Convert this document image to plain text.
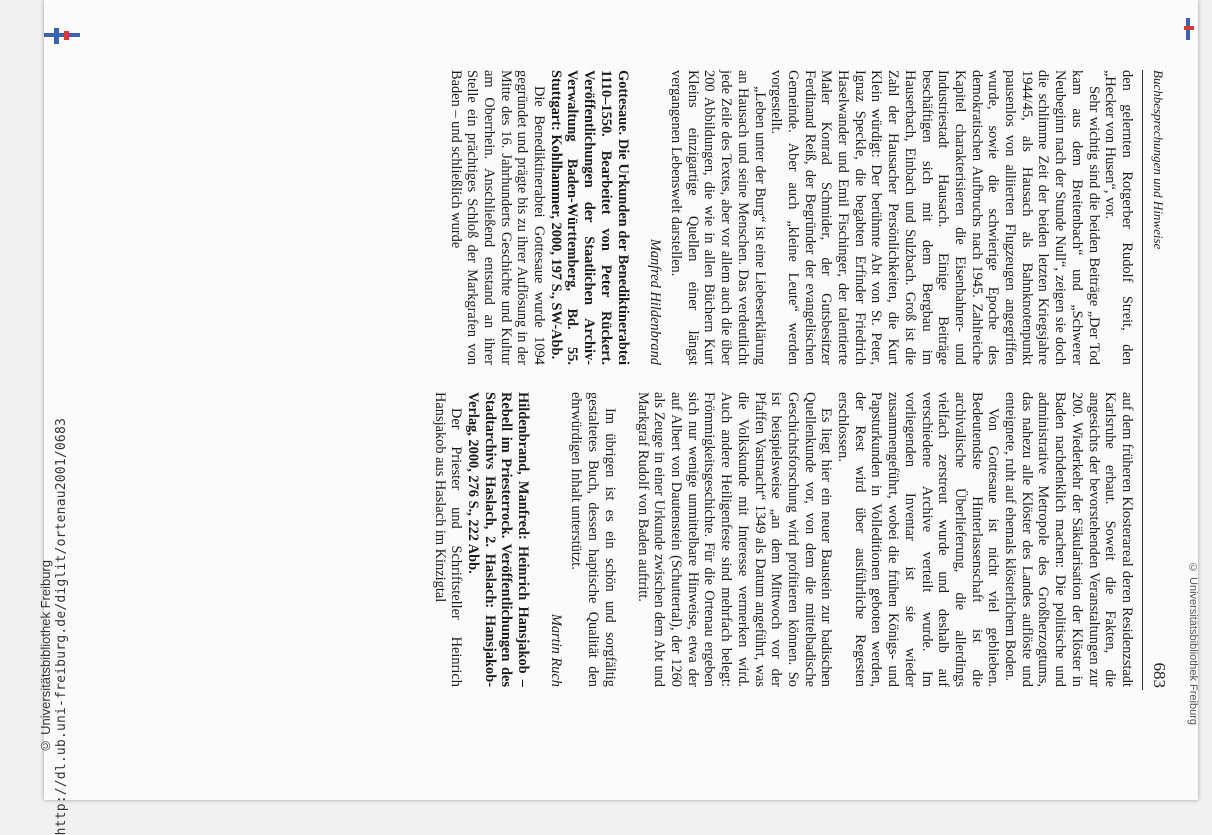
http://dl.ub.uni-freiburg.de/diglit/ortenau2001/0683
© Universitätsbibliothek Freiburg	© Universitätsbibliothek Freiburg
Buchbesprechungen und Hinweise
683

den gelernten Rotgerber Rudolf Streit, den „Hecker von Husen“, vor.

Sehr wichtig sind die beiden Beiträge „Der Tod kam aus dem Breitenbach“ und „Schwerer Neubeginn nach der Stunde Null“, zeigen sie doch die schlimme Zeit der beiden letzten Kriegsjahre 1944/45, als Hausach als Bahnknotenpunkt pausenlos von alliierten Flugzeugen angegriffen wurde, sowie die schwierige Epoche des demokratischen Aufbruchs nach 1945. Zahlreiche Kapitel charakterisieren die Eisenbahner- und Industriestadt Hausach. Einige Beiträge beschäftigen sich mit dem Bergbau im Hauserbach, Einbach und Sulzbach. Groß ist die Zahl der Hausacher Persönlichkeiten, die Kurt Klein würdigt: Der berühmte Abt von St. Peter, Ignaz Speckle, die begabten Erfinder Friedrich Haselwander und Emil Fischinger, der talentierte Maler Konrad Schmider, der Gutsbesitzer Ferdinand Reiß, der Begründer der evangelischen Gemeinde. Aber auch „kleine Leute“ werden vorgestellt.

„Leben unter der Burg“ ist eine Liebeserklärung an Hausach und seine Menschen. Das verdeutlicht jede Zeile des Textes, aber vor allem auch die über 200 Abbildungen, die wie in allen Büchern Kurt Kleins einzigartige Quellen einer längst vergangenen Lebenswelt darstellen.

Manfred Hildenbrand

Gottesaue. Die Urkunden der Benediktinerabtei 1110–1550. Bearbeitet von Peter Rückert. Veröffentlichungen der Staatlichen Archiv-Verwaltung Baden-Württemberg, Bd. 55. Stuttgart: Kohlhammer, 2000, 197 S., SW-Abb.

Die Benediktinerabtei Gottesaue wurde 1094 gegründet und prägte bis zu ihrer Auflösung in der Mitte des 16. Jahrhunderts Geschichte und Kultur am Oberrhein. Anschließend entstand an ihrer Stelle ein prächtiges Schloß der Markgrafen von Baden – und schließlich wurde

auf dem früheren Klosterareal deren Residenzstadt Karlsruhe erbaut. Soweit die Fakten, die angesichts der bevorstehenden Veranstaltungen zur 200. Wiederkehr der Säkularisation der Klöster in Baden nachdenklich machen: Die politische und administrative Metropole des Großherzogtums, das nahezu alle Klöster des Landes auflöste und enteignete, ruht auf ehemals klösterlichem Boden.

Von Gottesaue ist nicht viel geblieben. Bedeutendste Hinterlassenschaft ist die archivalische Überlieferung, die allerdings vielfach zerstreut wurde und deshalb auf verschiedene Archive verteilt wurde. Im vorliegenden Inventar ist sie wieder zusammengeführt, wobei die frühen Königs- und Papsturkunden in Volleditionen geboten werden, der Rest wird über ausführliche Regesten erschlossen.

Es liegt hier ein neuer Baustein zur badischen Quellenkunde vor, von dem die mittelbadische Geschichtsforschung wird profitieren können. So ist beispielsweise „an dem Mittwoch vor der Pfaffen Vastnacht“ 1349 als Datum angeführt, was die Volkskunde mit Interesse vermerken wird. Auch andere Heiligenfeste sind mehrfach belegt: Frömmigkeitsgeschichte. Für die Ortenau ergeben sich nur wenige unmittelbare Hinweise, etwa der auf Albert von Dautenstein (Schuttertal), der 1260 als Zeuge in einer Urkunde zwischen dem Abt und Markgraf Rudolf von Baden auftritt.

Im übrigen ist es ein schön und sorgfältig gestaltetes Buch, dessen haptische Qualität den ehrwürdigen Inhalt unterstützt.

Martin Ruch

Hildenbrand, Manfred: Heinrich Hansjakob – Rebell im Priesterrock. Veröffentlichungen des Stadtarchivs Haslach, 2. Haslach: Hansjakob-Verlag, 2000, 276 S., 222 Abb.

Der Priester und Schriftsteller Heinrich Hansjakob aus Haslach im Kinzigtal
